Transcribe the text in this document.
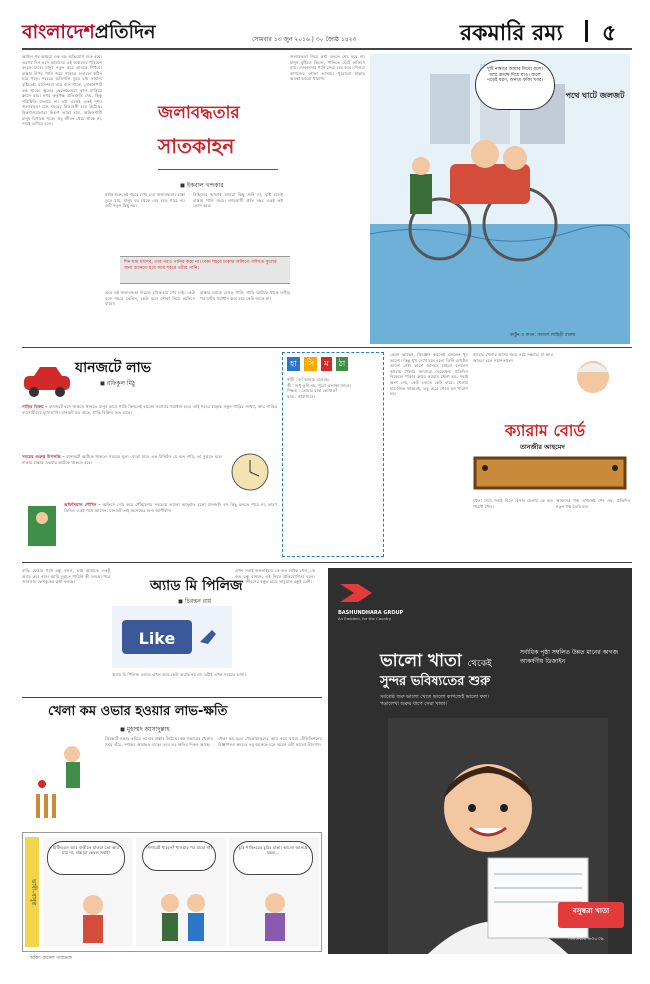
বাংলাদেশপ্রতিদিন	সোমবার ১৩ জুন ২০১৬ | ৩০ জ্যৈষ্ঠ ১৪২৩	রকমারি রম্য ৫

আমিন পর আমরা এক বড় অভিযোগ শুরু হবে। এরপর দিন এসে আমাদের এই অঞ্চলের পরিবেশ বদলে যাবে। মানুষ নতুন করে ভাবতে শিখবে। রাস্তার উপর পানি জমে থাকলে চলাচল কঠিন হয়ে পড়ে। শহরের অলিগলি ডুবে যায় সামান্য বৃষ্টিতেই। বাসিন্দারা ঘরে বসে থাকে, দোকানপাট বন্ধ থাকে। স্কুলের ছেলেমেয়েরা কাদা মাড়িয়ে ক্লাসে যায়। নগর কর্তৃপক্ষ প্রতিশ্রুতি দেয়, কিন্তু পরিস্থিতি বদলায় না। বর্ষা এলেই একই দৃশ্য। জলাবদ্ধতা যেন শহরের নিত্যসঙ্গী হয়ে উঠেছে। রিকশাওয়ালারা দ্বিগুণ ভাড়া চায়, অফিসগামী মানুষ বিপাকে পড়ে। তবু জীবন থেমে থাকে না, সবাই এগিয়ে চলে।

জলাবদ্ধতার
সাতকাহন
◼ ইকবাল খন্দকার

বর্ষার শুরুতেই শহরে দেখা দেয় জলাবদ্ধতা। রাস্তা ডুবে যায়, মানুষ ঘর থেকে বের হতে পারে না। এটি নতুন কিছু নয়।

মিছিলের আগেই আমরা কিছু শুনি না, বৃষ্টি হলেই রাস্তায় পানি জমে। নগরবাসী প্রতি বছর একই কষ্ট ভোগ করে।

দিন যায় মাসের, তার পরও পানির কমে না। ঢাকা শহরে ঢাকার অলিতে গলিতে কুলের জন্য গুনেতে হবে আর শহরে ওটায় পানি।

তবে এই জলাবদ্ধতা নিয়েও রসিকতার শেষ নেই। কেউ বলে শহরে ভেনিস, কেউ বলে নৌকা নিয়ে অফিসে যাবো।

রাস্তার মোড়ে মোড়ে পানি, গাড়ি আটকে থাকে ঘণ্টার পর ঘণ্টা। সমাধান কবে হবে কেউ জানে না।

জলাবদ্ধতা নিয়ে কথা বললে শেষ হবে না। মানুষ বৃষ্টিতে ভিজে, পানিতে হেঁটে অফিসে যায়। দোকানদার পানি সেচে বের করে। শিশুরা কাগজের নৌকা ভাসায়। পুরোনো ঢাকায় অবস্থা আরো খারাপ।

দুটি নাম্বারে আমার মিথ্যে বলে। আর ফ্রান্সে দিয়ে যাও। জলে পড়েই মরণ, অন্যত্র ফাঁকা খবর।
পথে ঘাটে জলজট
কার্টুন ও কথন: কাজল লাহিড়ী বারুক
যানজটে লাভ
◼ রফিকুল মিঠু

গাড়ির বিক্রয় – যানজটে বসে থাকতে থাকতে মানুষ ভাবে গাড়ি কিনলেই হয়তো সমস্যার সমাধান হবে। তাই শহরে বাড়ছে নতুন গাড়ির সংখ্যা, আর গাড়ির ব্যবসায়ীদের মুখে হাসি। যানজট যত বাড়ে, গাড়ি বিক্রিও তত বাড়ে।

সময়ের গুরুত্ব উপলব্ধি – যানজটে আটকে থাকলে সময়ের মূল্য বোঝা যায়। এক মিনিটও যে কত দামি, তা বুঝতে হলে ঢাকার রাস্তায় একবার আটকে থাকতে হবে।

অফিসিয়াল শৌখিন – অফিসে দেরি করে পৌঁছানোর সবচেয়ে ভালো অজুহাত হলো যানজট। বস কিছু বলতে পারে না, কারণ তিনিও একই পথে আসেন। যানজট তাই অনেকের জন্য আশীর্বাদ।

হা	সি	ম	ঠা

স্বামী : হ্যাঁ আমায় বলেছে।

স্ত্রী : শুধু তুমি নয়, পুরো এলাকা জানে।

শিক্ষক : তোমার বাবা কোথায়?

ছাত্র : কারাগারে।

কেমন আছেন, জিজ্ঞেস করতেই বললেন খুব ভালো। কিন্তু মুখ দেখে মনে হলো তিনি মোটেও ভালো নেই। কারণ জানতে চাইলে বললেন ক্যারাম খেলায় আবারো হেরেছেন। প্রতিদিন বিকেলে পাড়ার ক্লাবে ক্যারাম খেলা হয়। সবাই অংশ নেয়, কেউ জেতে কেউ হারে। খেলায় হার-জিত থাকবেই, তবু হেরে গেলে মন খারাপ হয়।

ক্যারাম খেলার আসর জমে ওঠে সন্ধ্যায়। চা আর আড্ডা চলে সমানতালে।

ক্যারাম বোর্ড
তানজীর আহমেদ

খেলা শেষে সবাই মিলে হিসাব মেলায় কে কত পয়েন্ট পেল।

আমাদের গল্প এখানেই শেষ নয়, প্রতিদিন নতুন গল্প তৈরি হয়।

বাড়ি ফেরার পথে বন্ধু বলল, ভাই আমাকে একটু অ্যাড করে নাও। আমি বুঝতে পারিনি কী বলছে। পরে জানলাম ফেসবুকের কথা বলছে।	অ্যাড মি পিলিজ
◼ চিরন্তন রায়
Like

এখন সবাই অনলাইনে। কে কত লাইক পেল, কে কত বন্ধু বানাল, এই নিয়ে প্রতিযোগিতা চলে। বাস্তব জীবনের বন্ধুর চেয়ে ভার্চুয়াল বন্ধুই বেশি।

অ্যাড মি পিলিজ বললে এখন আর কেউ অবাক হয় না। এটাই এখন সময়ের ভাষা।

খেলা কম ওভার হওয়ার লাভ-ক্ষতি
◼ মুহাম্মদ আসাদুল্লাহ

ক্রিকেটে ওভার কমিয়ে আনার প্রস্তাব উঠেছে। কম ওভারের খেলায় সময় বাঁচে, দর্শকের আগ্রহও বাড়ে। তবে এর ক্ষতির দিকও আছে।

খেলা কম হলে খেলোয়াড়দের আয় কমে যাবে। টেলিভিশনের বিজ্ঞাপনও কমবে। তবু অনেকে মনে করেন এটা ভালো উদ্যোগ।

ভাবী–বাবুর
মিটিংয়েও আর বাড়ীতে যাওয়া তো আর যায় না, বাচ্চারা কেবল সবাই।
সিগারেট খাবেন? খাওয়ার পর যাবো না।	চুরি পাকিংয়ের চুরির চাকা। আলো আসছে মন্তব্য...
আঁকা: রাসেল পারভেজ
BASHUNDHARA GROUP
An Emblem, for the Country
ভালো খাতা থেকেই
সুন্দর ভবিষ্যতের শুরু
সর্বশ্রেষ্ঠ শুরু ভালো খেতে ভালো কাগজেই ভালো ফল। পড়ালেখা শুরুর ধাপে সেরা খাতা।
সর্বাধিক পৃষ্ঠা সম্বলিত উন্নত মানের কাগজ আকর্ষণীয় ডিজাইন
বসুন্ধরা খাতা
জিডিবার ৬৩০৩৯
